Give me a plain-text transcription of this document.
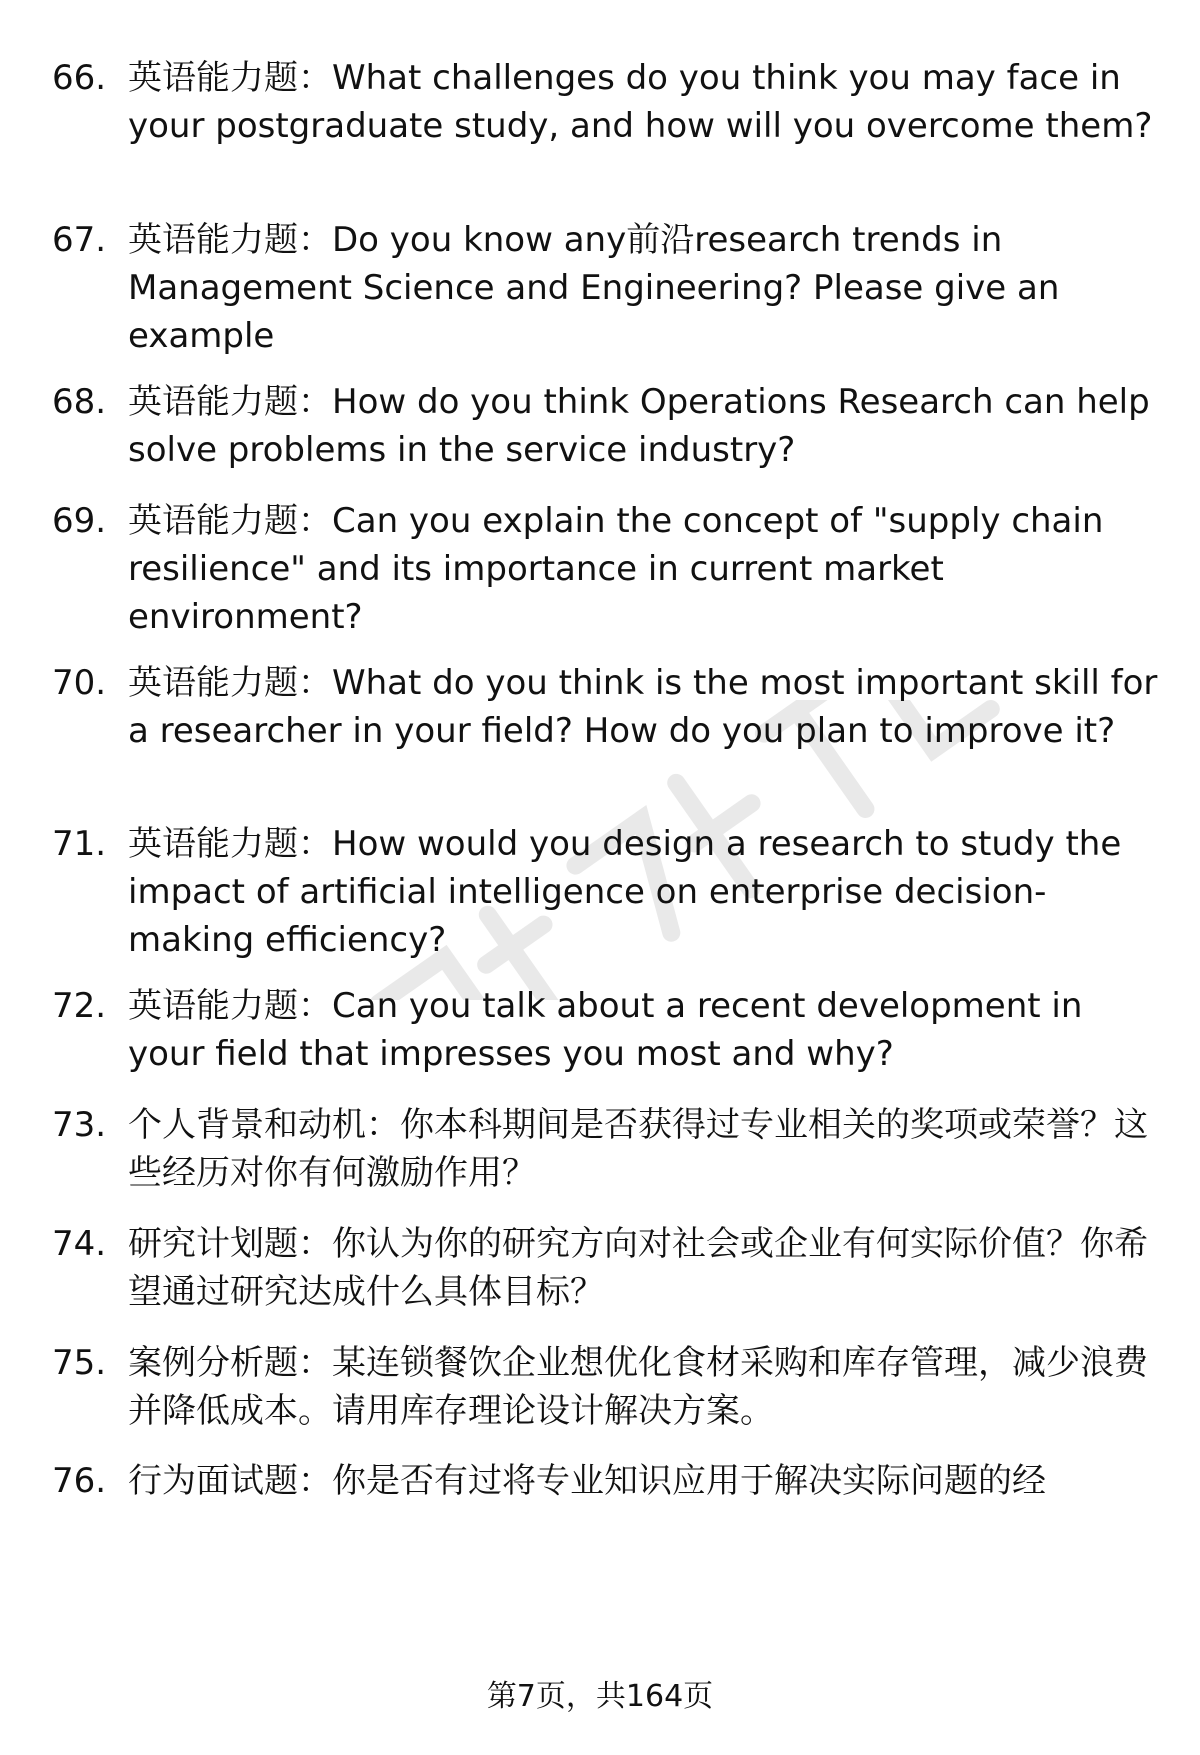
66. 英语能力题：What challenges do you think you may face in your postgraduate study, and how will you overcome them?
67. 英语能力题：Do you know any前沿research trends in Management Science and Engineering? Please give an example
68. 英语能力题：How do you think Operations Research can help solve problems in the service industry?
69. 英语能力题：Can you explain the concept of "supply chain resilience" and its importance in current market environment?
70. 英语能力题：What do you think is the most important skill for a researcher in your field? How do you plan to improve it?
71. 英语能力题：How would you design a research to study the impact of artificial intelligence on enterprise decision-making efficiency?
72. 英语能力题：Can you talk about a recent development in your field that impresses you most and why?
73. 个人背景和动机：你本科期间是否获得过专业相关的奖项或荣誉？这些经历对你有何激励作用？
74. 研究计划题：你认为你的研究方向对社会或企业有何实际价值？你希望通过研究达成什么具体目标？
75. 案例分析题：某连锁餐饮企业想优化食材采购和库存管理，减少浪费并降低成本。请用库存理论设计解决方案。
76. 行为面试题：你是否有过将专业知识应用于解决实际问题的经
第7页，共164页
